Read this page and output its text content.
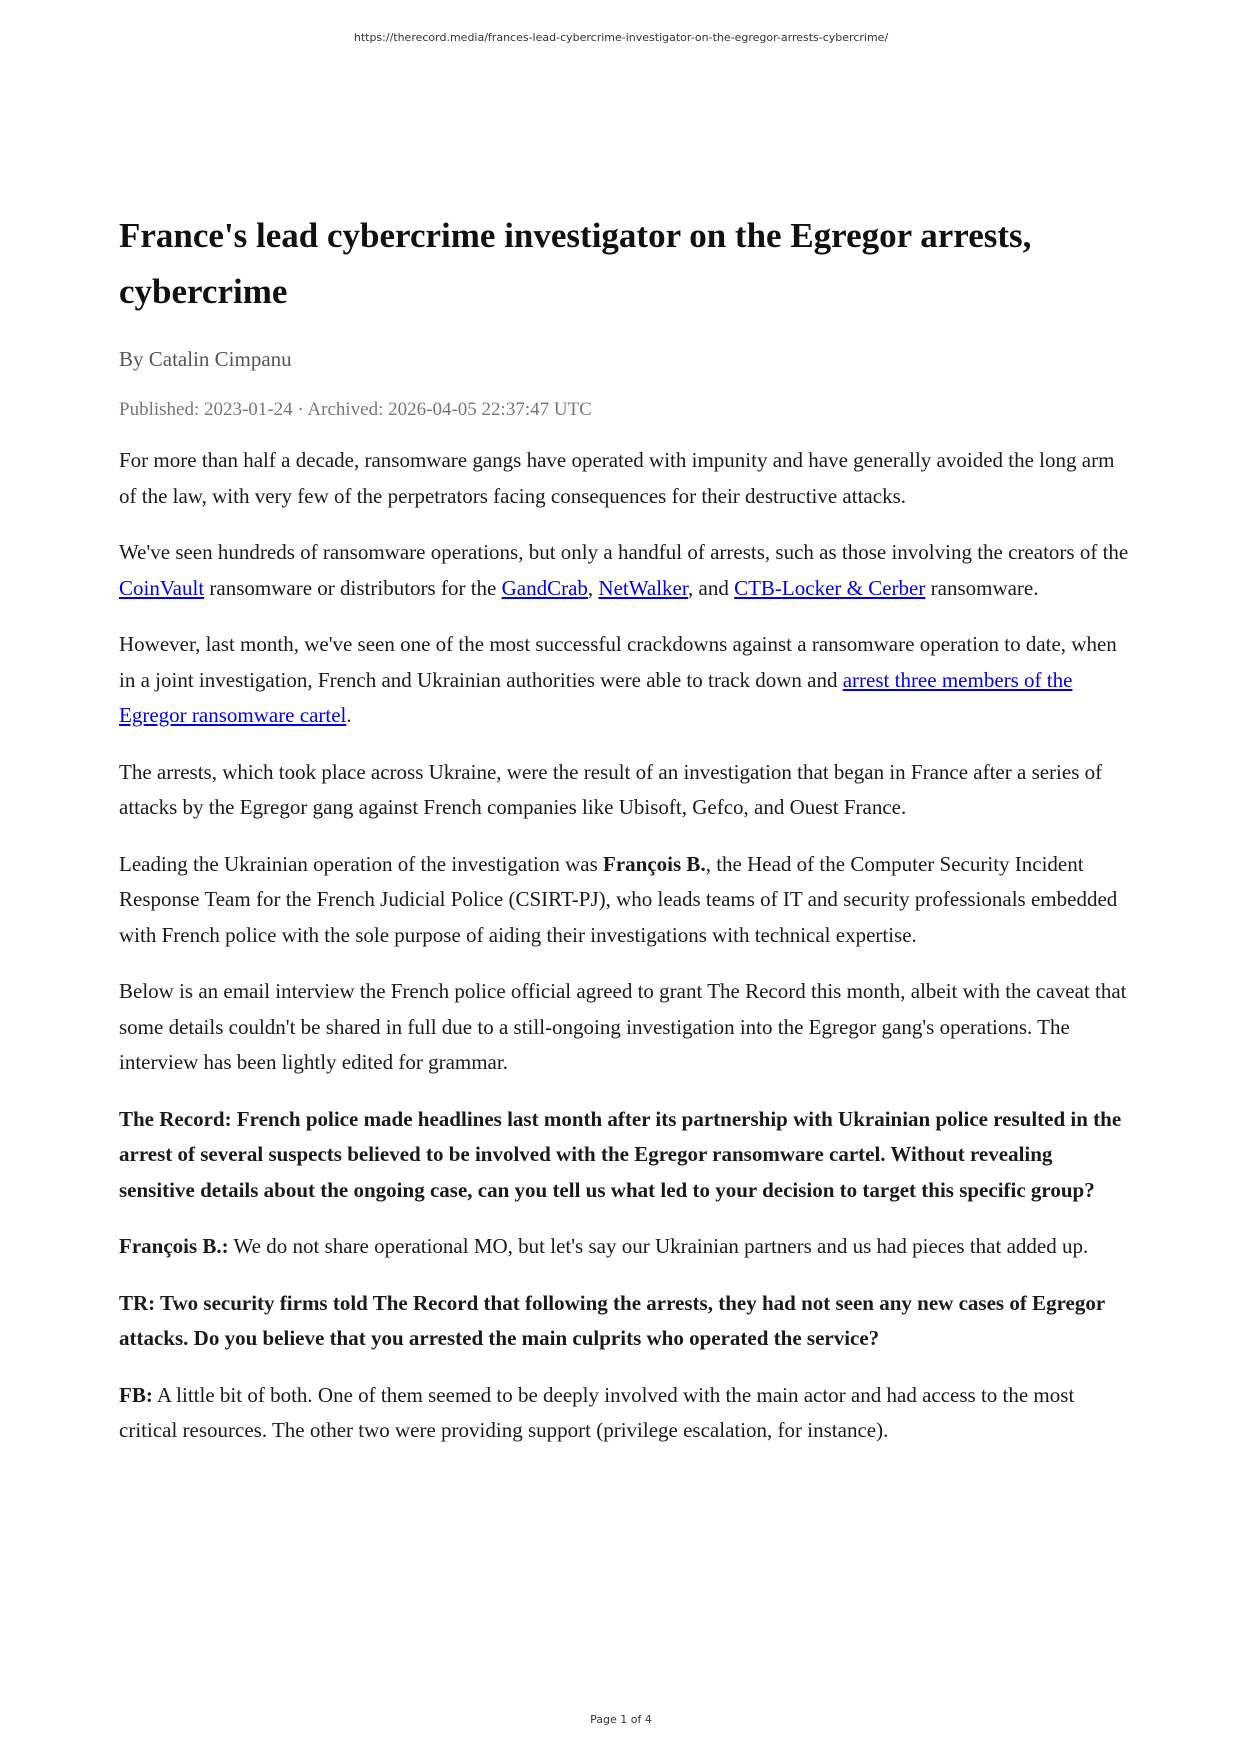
https://therecord.media/frances-lead-cybercrime-investigator-on-the-egregor-arrests-cybercrime/
France's lead cybercrime investigator on the Egregor arrests, cybercrime
By Catalin Cimpanu
Published: 2023-01-24 · Archived: 2026-04-05 22:37:47 UTC

For more than half a decade, ransomware gangs have operated with impunity and have generally avoided the long arm of the law, with very few of the perpetrators facing consequences for their destructive attacks.

We've seen hundreds of ransomware operations, but only a handful of arrests, such as those involving the creators of the CoinVault ransomware or distributors for the GandCrab, NetWalker, and CTB-Locker & Cerber ransomware.

However, last month, we've seen one of the most successful crackdowns against a ransomware operation to date, when in a joint investigation, French and Ukrainian authorities were able to track down and arrest three members of the Egregor ransomware cartel.

The arrests, which took place across Ukraine, were the result of an investigation that began in France after a series of attacks by the Egregor gang against French companies like Ubisoft, Gefco, and Ouest France.

Leading the Ukrainian operation of the investigation was François B., the Head of the Computer Security Incident Response Team for the French Judicial Police (CSIRT-PJ), who leads teams of IT and security professionals embedded with French police with the sole purpose of aiding their investigations with technical expertise.

Below is an email interview the French police official agreed to grant The Record this month, albeit with the caveat that some details couldn't be shared in full due to a still-ongoing investigation into the Egregor gang's operations. The interview has been lightly edited for grammar.

The Record: French police made headlines last month after its partnership with Ukrainian police resulted in the arrest of several suspects believed to be involved with the Egregor ransomware cartel. Without revealing sensitive details about the ongoing case, can you tell us what led to your decision to target this specific group?

François B.: We do not share operational MO, but let's say our Ukrainian partners and us had pieces that added up.

TR: Two security firms told The Record that following the arrests, they had not seen any new cases of Egregor attacks. Do you believe that you arrested the main culprits who operated the service?

FB: A little bit of both. One of them seemed to be deeply involved with the main actor and had access to the most critical resources. The other two were providing support (privilege escalation, for instance).

Page 1 of 4
